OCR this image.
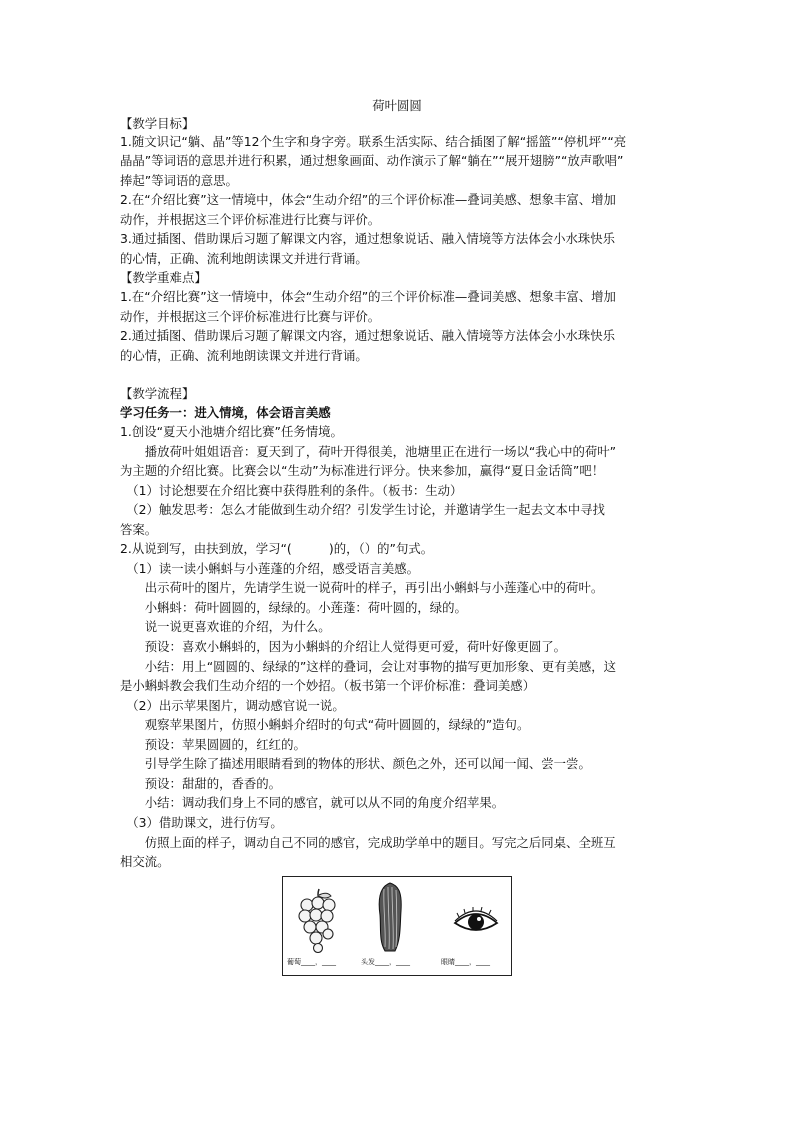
荷叶圆圆
【教学目标】
1.随文识记“躺、晶”等12个生字和身字旁。联系生活实际、结合插图了解“摇篮”“停机坪”“亮
晶晶”等词语的意思并进行积累，通过想象画面、动作演示了解“躺在”“展开翅膀”“放声歌唱”
捧起”等词语的意思。
2.在“介绍比赛”这一情境中，体会“生动介绍”的三个评价标准—叠词美感、想象丰富、增加
动作，并根据这三个评价标准进行比赛与评价。
3.通过插图、借助课后习题了解课文内容，通过想象说话、融入情境等方法体会小水珠快乐
的心情，正确、流利地朗读课文并进行背诵。
【教学重难点】
1.在“介绍比赛”这一情境中，体会“生动介绍”的三个评价标准—叠词美感、想象丰富、增加
动作，并根据这三个评价标准进行比赛与评价。
2.通过插图、借助课后习题了解课文内容，通过想象说话、融入情境等方法体会小水珠快乐
的心情，正确、流利地朗读课文并进行背诵。
【教学流程】
学习任务一：进入情境，体会语言美感
1.创设“夏天小池塘介绍比赛”任务情境。
　　播放荷叶姐姐语音：夏天到了，荷叶开得很美，池塘里正在进行一场以“我心中的荷叶”
为主题的介绍比赛。比赛会以“生动”为标准进行评分。快来参加，赢得“夏日金话筒”吧！
　（1）讨论想要在介绍比赛中获得胜利的条件。（板书：生动）
　（2）触发思考：怎么才能做到生动介绍？引发学生讨论，并邀请学生一起去文本中寻找
答案。
2.从说到写，由扶到放，学习“(　　　)的，（）的”句式。
　（1）读一读小蝌蚪与小莲蓬的介绍，感受语言美感。
　　出示荷叶的图片，先请学生说一说荷叶的样子，再引出小蝌蚪与小莲蓬心中的荷叶。
　　小蝌蚪：荷叶圆圆的，绿绿的。小莲蓬：荷叶圆的，绿的。
　　说一说更喜欢谁的介绍，为什么。
　　预设：喜欢小蝌蚪的，因为小蝌蚪的介绍让人觉得更可爱，荷叶好像更圆了。
　　小结：用上“圆圆的、绿绿的”这样的叠词，会让对事物的描写更加形象、更有美感，这
是小蝌蚪教会我们生动介绍的一个妙招。（板书第一个评价标准：叠词美感）
　（2）出示苹果图片，调动感官说一说。
　　观察苹果图片，仿照小蝌蚪介绍时的句式“荷叶圆圆的，绿绿的”造句。
　　预设：苹果圆圆的，红红的。
　　引导学生除了描述用眼睛看到的物体的形状、颜色之外，还可以闻一闻、尝一尝。
　　预设：甜甜的，香香的。
　　小结：调动我们身上不同的感官，就可以从不同的角度介绍苹果。
　（3）借助课文，进行仿写。
　　仿照上面的样子，调动自己不同的感官，完成助学单中的题目。写完之后同桌、全班互
相交流。
葡萄____，____	头发____，____	眼睛____，____
